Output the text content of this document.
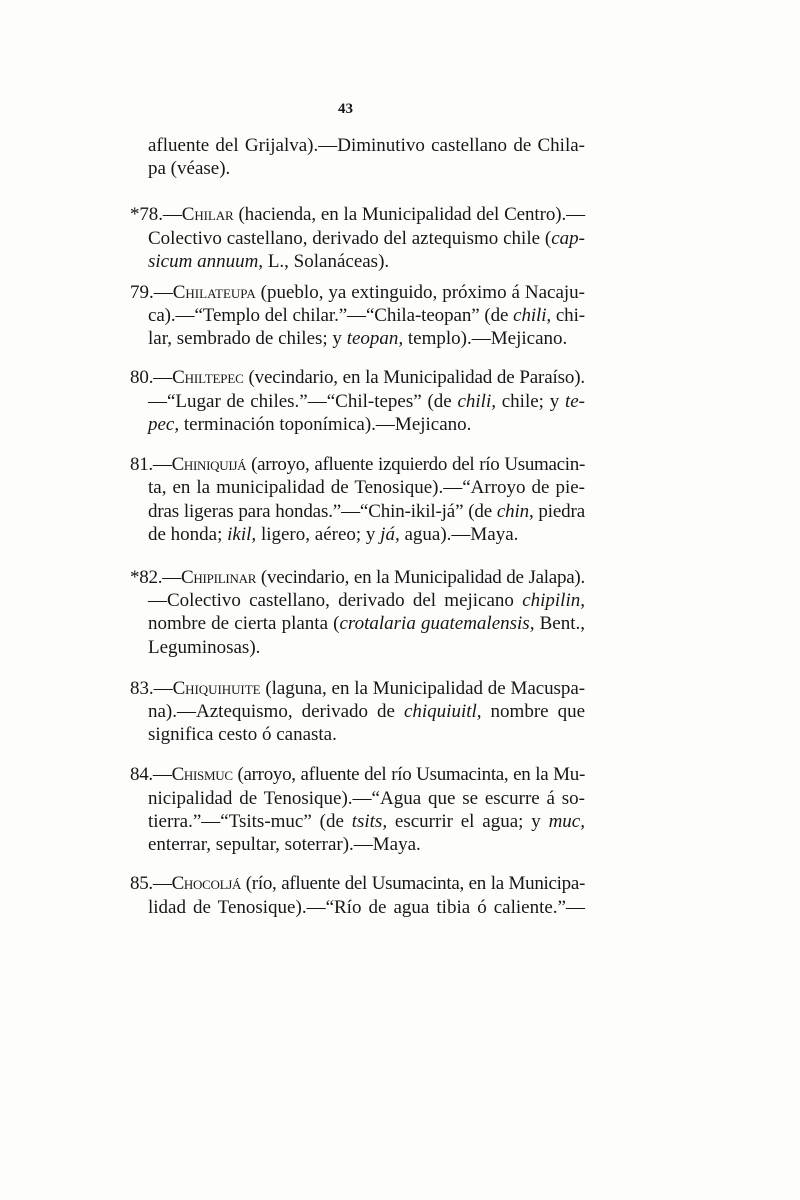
43
afluente del Grijalva).—Diminutivo castellano de Chila-
pa (véase).
*78.—Chilar (hacienda, en la Municipalidad del Centro).—
Colectivo castellano, derivado del aztequismo chile (cap-
sicum annuum, L., Solanáceas).
79.—Chilateupa (pueblo, ya extinguido, próximo á Nacaju-
ca).—“Templo del chilar.”—“Chila-teopan” (de chili, chi-
lar, sembrado de chiles; y teopan, templo).—Mejicano.
80.—Chiltepec (vecindario, en la Municipalidad de Paraíso).
—“Lugar de chiles.”—“Chil-tepes” (de chili, chile; y te-
pec, terminación toponímica).—Mejicano.
81.—Chiniquijá (arroyo, afluente izquierdo del río Usumacin-
ta, en la municipalidad de Tenosique).—“Arroyo de pie-
dras ligeras para hondas.”—“Chin-ikil-já” (de chin, piedra
de honda; ikil, ligero, aéreo; y já, agua).—Maya.
*82.—Chipilinar (vecindario, en la Municipalidad de Jalapa).
—Colectivo castellano, derivado del mejicano chipilin,
nombre de cierta planta (crotalaria guatemalensis, Bent.,
Leguminosas).
83.—Chiquihuite (laguna, en la Municipalidad de Macuspa-
na).—Aztequismo, derivado de chiquiuitl, nombre que
significa cesto ó canasta.
84.—Chismuc (arroyo, afluente del río Usumacinta, en la Mu-
nicipalidad de Tenosique).—“Agua que se escurre á so-
tierra.”—“Tsits-muc” (de tsits, escurrir el agua; y muc,
enterrar, sepultar, soterrar).—Maya.
85.—Chocoljá (río, afluente del Usumacinta, en la Municipa-
lidad de Tenosique).—“Río de agua tibia ó caliente.”—
